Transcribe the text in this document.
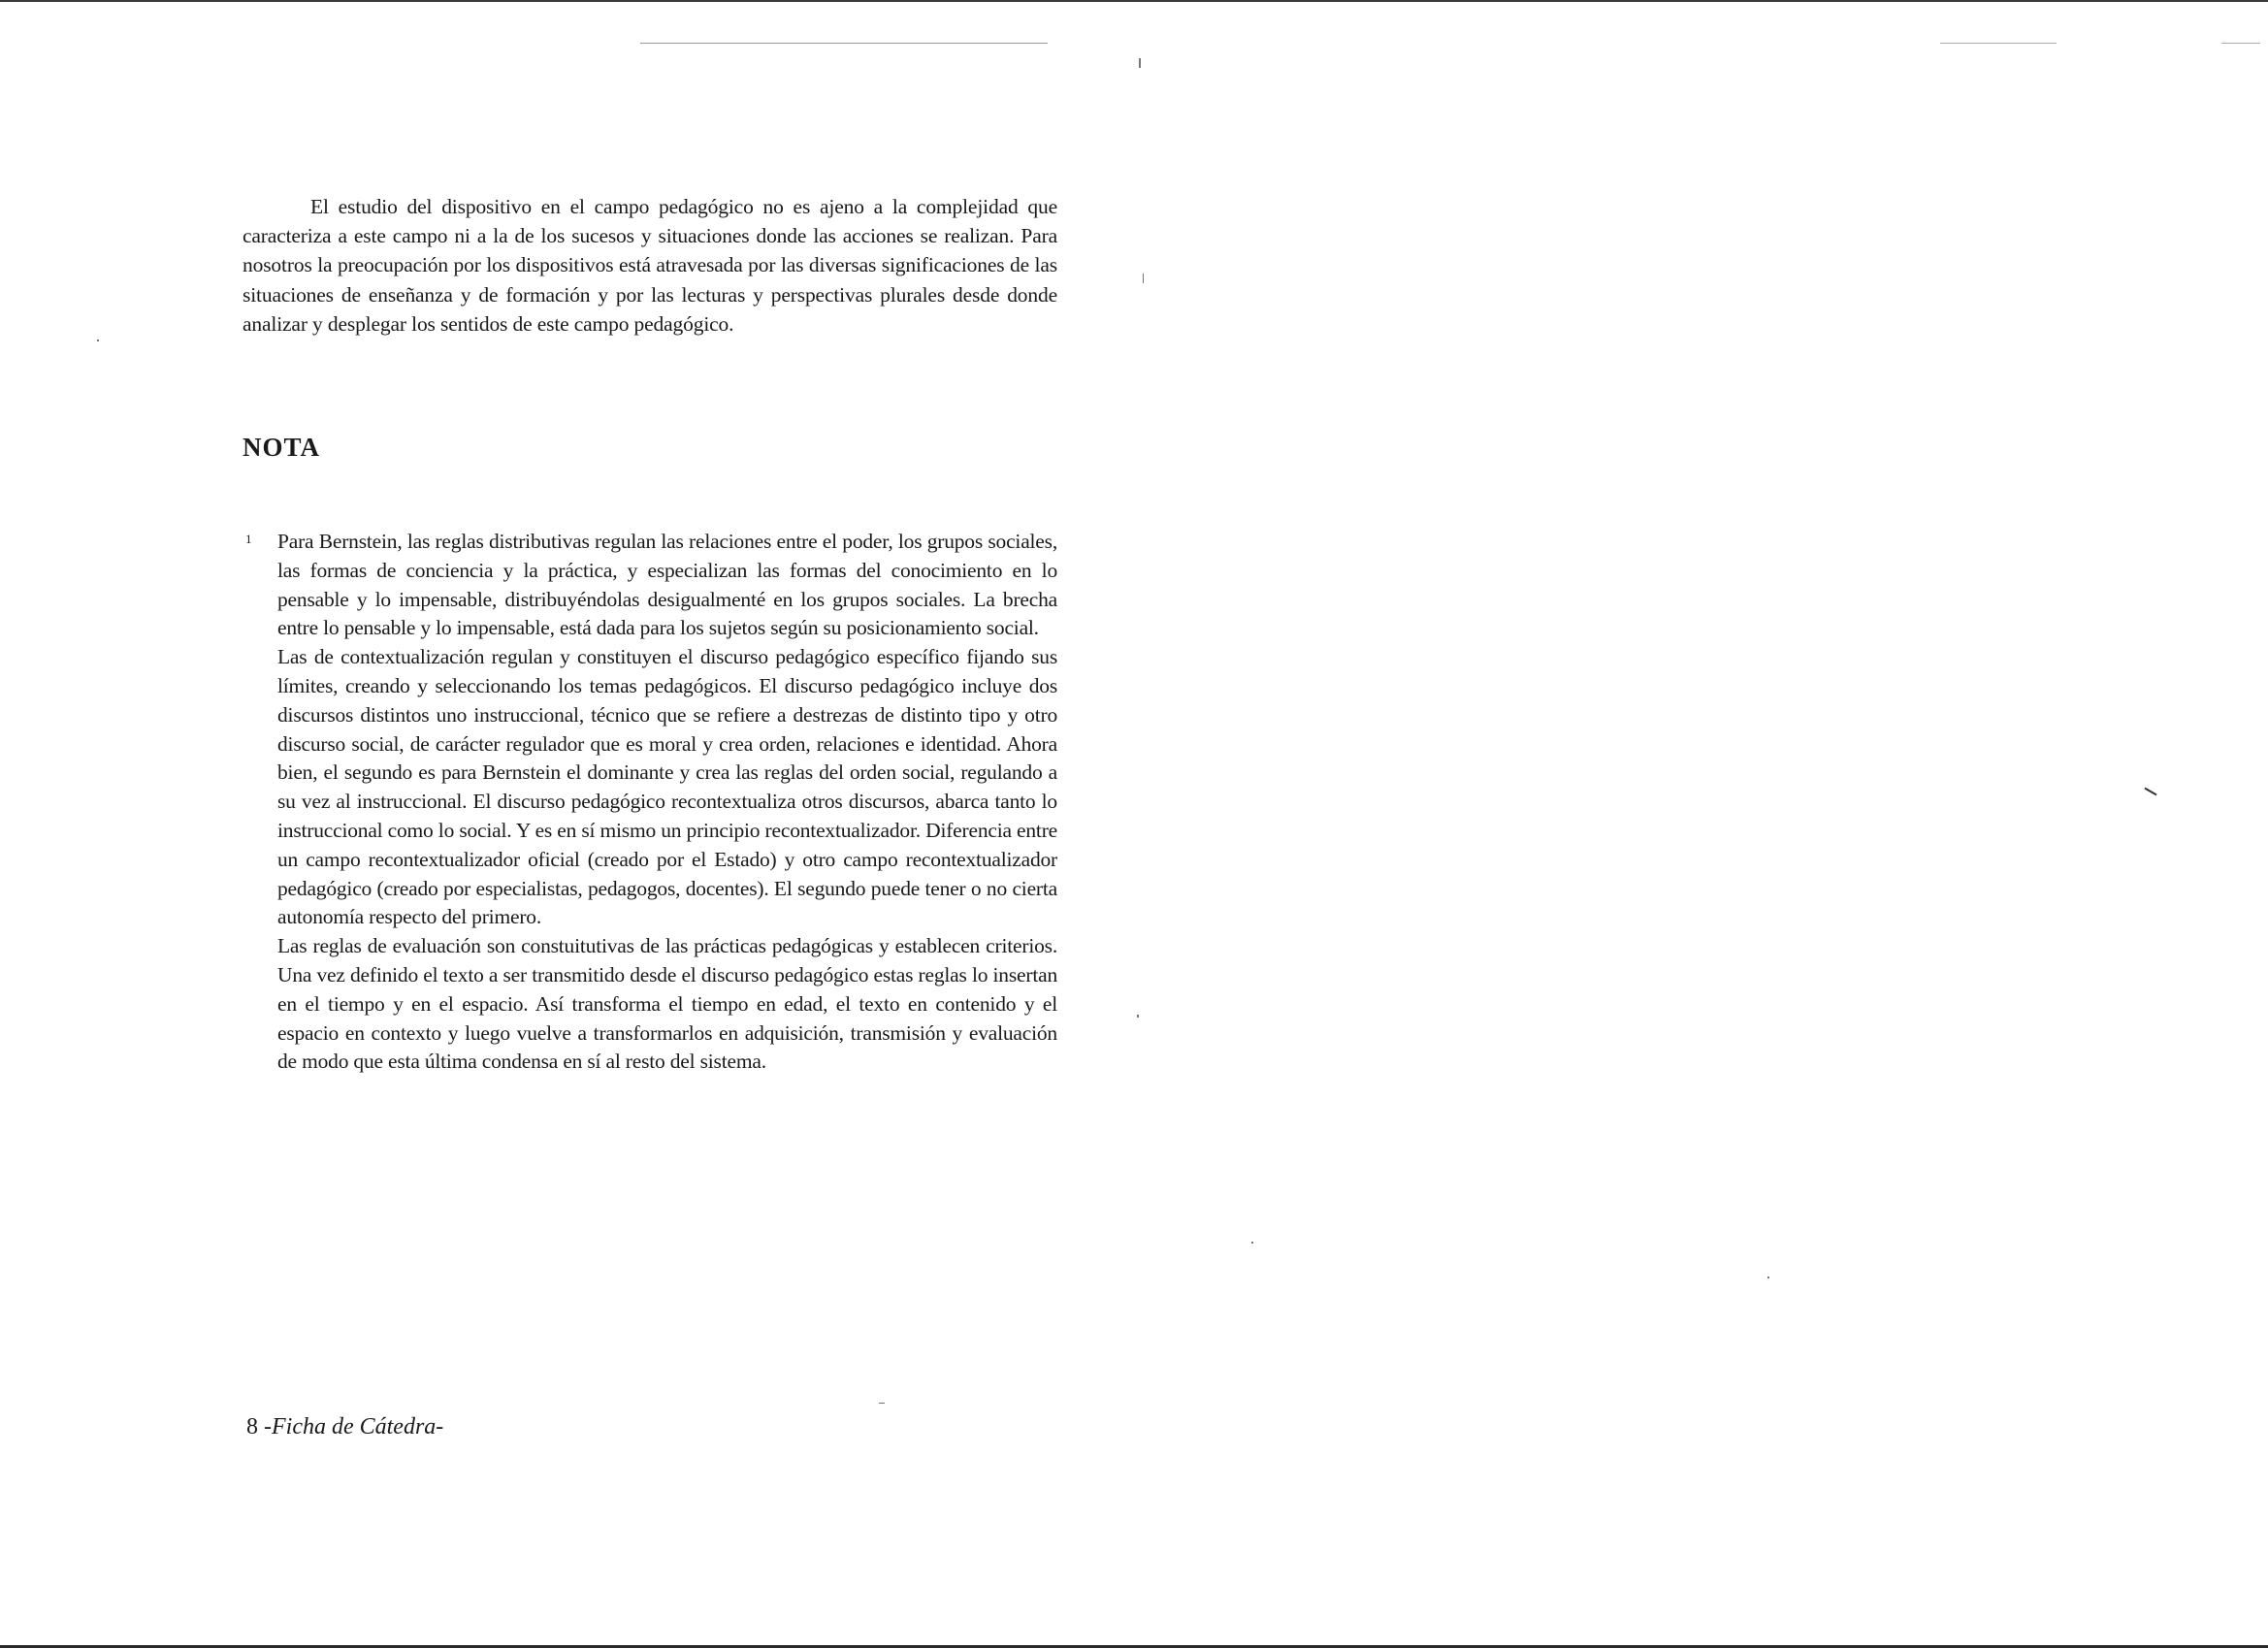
El estudio del dispositivo en el campo pedagógico no es ajeno a la complejidad que caracteriza a este campo ni a la de los sucesos y situaciones donde las acciones se realizan. Para nosotros la preocupación por los dispositivos está atravesada por las diversas significaciones de las situaciones de enseñanza y de formación y por las lecturas y perspectivas plurales desde donde analizar y desplegar los sentidos de este campo pedagógico.

NOTA
1 Para Bernstein, las reglas distributivas regulan las relaciones entre el poder, los grupos sociales, las formas de conciencia y la práctica, y especializan las formas del conocimiento en lo pensable y lo impensable, distribuyéndolas desigualmenté en los grupos sociales. La brecha entre lo pensable y lo impensable, está dada para los sujetos según su posicionamiento social.

Las de contextualización regulan y constituyen el discurso pedagógico específico fijando sus límites, creando y seleccionando los temas pedagógicos. El discurso pedagógico incluye dos discursos distintos uno instruccional, técnico que se refiere a destrezas de distinto tipo y otro discurso social, de carácter regulador que es moral y crea orden, relaciones e identidad. Ahora bien, el segundo es para Bernstein el dominante y crea las reglas del orden social, regulando a su vez al instruccional. El discurso pedagógico recontextualiza otros discursos, abarca tanto lo instruccional como lo social. Y es en sí mismo un principio recontextualizador. Diferencia entre un campo recontextualizador oficial (creado por el Estado) y otro campo recontextualizador pedagógico (creado por especialistas, pedagogos, docentes). El segundo puede tener o no cierta autonomía respecto del primero.

Las reglas de evaluación son constuitutivas de las prácticas pedagógicas y establecen criterios. Una vez definido el texto a ser transmitido desde el discurso pedagógico estas reglas lo insertan en el tiempo y en el espacio. Así transforma el tiempo en edad, el texto en contenido y el espacio en contexto y luego vuelve a transformarlos en adquisición, transmisión y evaluación de modo que esta última condensa en sí al resto del sistema.

8 -Ficha de Cátedra-
